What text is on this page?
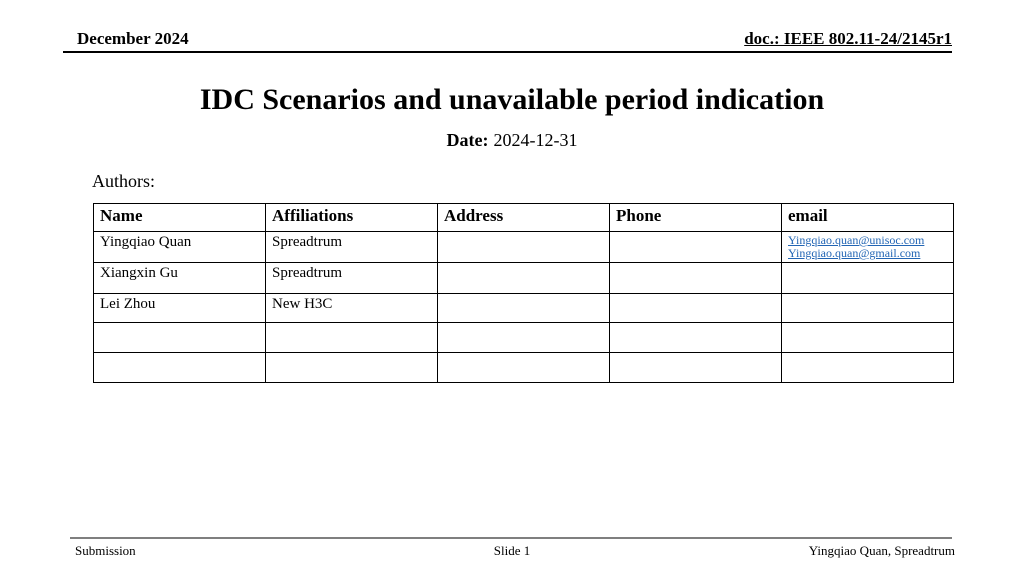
December 2024	doc.: IEEE 802.11-24/2145r1
IDC Scenarios and unavailable period indication
Date: 2024-12-31
Authors:
Name	Affiliations	Address	Phone	email
Yingqiao Quan	Spreadtrum			Yingqiao.quan@unisoc.com
Yingqiao.quan@gmail.com

Xiangxin Gu	Spreadtrum			
Lei Zhou	New H3C			

Submission	Slide 1	Yingqiao Quan, Spreadtrum
